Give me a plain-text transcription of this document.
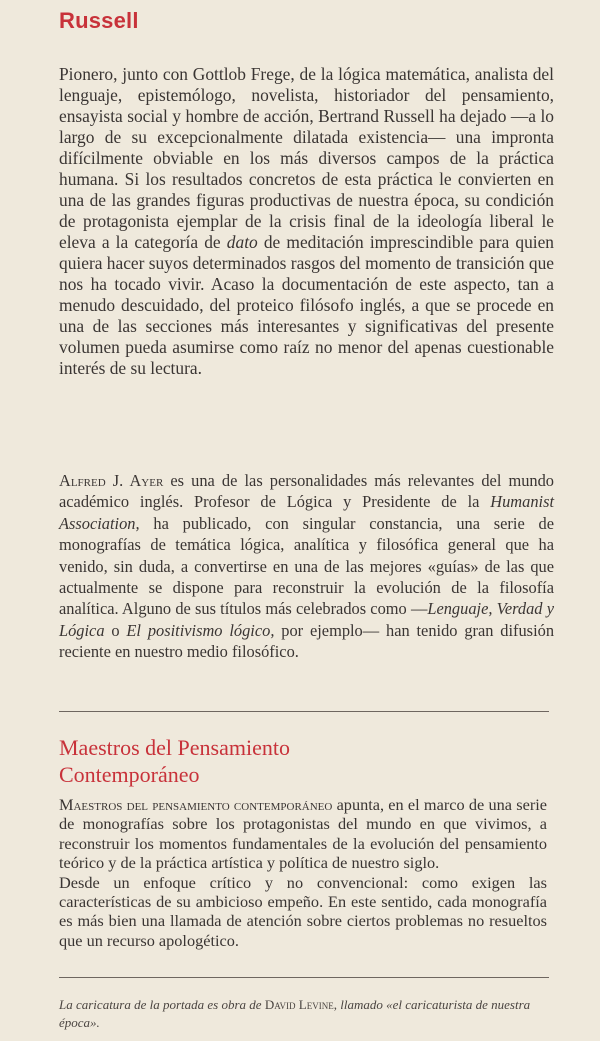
Russell

Pionero, junto con Gottlob Frege, de la lógica matemática, analista del lenguaje, epistemólogo, novelista, historiador del pensamiento, ensayista social y hombre de acción, Bertrand Russell ha dejado —a lo largo de su excepcionalmente dilatada existencia— una impronta difícilmente obviable en los más diversos campos de la práctica humana. Si los resultados concretos de esta práctica le convierten en una de las grandes figuras productivas de nuestra época, su condición de protagonista ejemplar de la crisis final de la ideología liberal le eleva a la categoría de dato de meditación imprescindible para quien quiera hacer suyos determinados rasgos del momento de transición que nos ha tocado vivir. Acaso la documentación de este aspecto, tan a menudo descuidado, del proteico filósofo inglés, a que se procede en una de las secciones más interesantes y significativas del presente volumen pueda asumirse como raíz no menor del apenas cuestionable interés de su lectura.

Alfred J. Ayer es una de las personalidades más relevantes del mundo académico inglés. Profesor de Lógica y Presidente de la Humanist Association, ha publicado, con singular constancia, una serie de monografías de temática lógica, analítica y filosófica general que ha venido, sin duda, a convertirse en una de las mejores «guías» de las que actualmente se dispone para reconstruir la evolución de la filosofía analítica. Alguno de sus títulos más celebrados como —Lenguaje, Verdad y Lógica o El positivismo lógico, por ejemplo— han tenido gran difusión reciente en nuestro medio filosófico.

Maestros del Pensamiento
Contemporáneo

Maestros del pensamiento contemporáneo apunta, en el marco de una serie de monografías sobre los protagonistas del mundo en que vivimos, a reconstruir los momentos fundamentales de la evolución del pensamiento teórico y de la práctica artística y política de nuestro siglo.
Desde un enfoque crítico y no convencional: como exigen las características de su ambicioso empeño. En este sentido, cada monografía es más bien una llamada de atención sobre ciertos problemas no resueltos que un recurso apologético.

La caricatura de la portada es obra de David Levine, llamado «el caricaturista de nuestra época».
